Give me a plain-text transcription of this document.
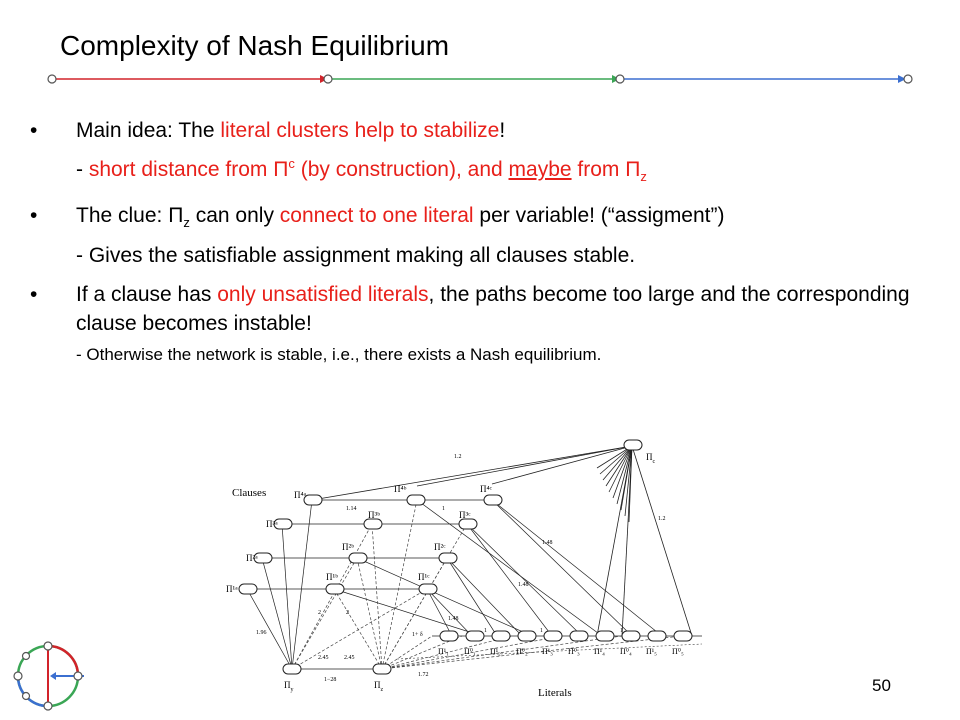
Complexity of Nash Equilibrium
• Main idea: The literal clusters help to stabilize!
- short distance from $\Pi^c$ (by construction), and maybe from $\Pi_z$
• The clue: $\Pi_z$ can only connect to one literal per variable! (“assigment”)
- Gives the satisfiable assignment making all clauses stable.
• If a clause has only unsatisfied literals, the paths become too large and the corresponding clause becomes instable!
- Otherwise the network is stable, i.e., there exists a Nash equilibrium.
Clauses
Literals
$\Pi_c$
$\Pi_y$	$\Pi_z$
Π⁴ᵃ
Π⁴ᵇ	Π⁴ᶜ
Π³ᵃ
Π³ᵇ	Π³ᶜ
Π²ᵃ
Π²ᵇ	Π²ᶜ
Π¹ᵃ
Π¹ᵇ	Π¹ᶜ
Π¹₁ Π⁰₁ Π¹₂ Π⁰₂ Π¹₃ Π⁰₃ Π¹₄ Π⁰₄ Π¹₅ Π⁰₅
1.2
1.2
1.14	1
1.48
1.48
1.48
1.96
2	2
2.45	2.45
1+ δ
1−28
1.72
1	1	1
50
